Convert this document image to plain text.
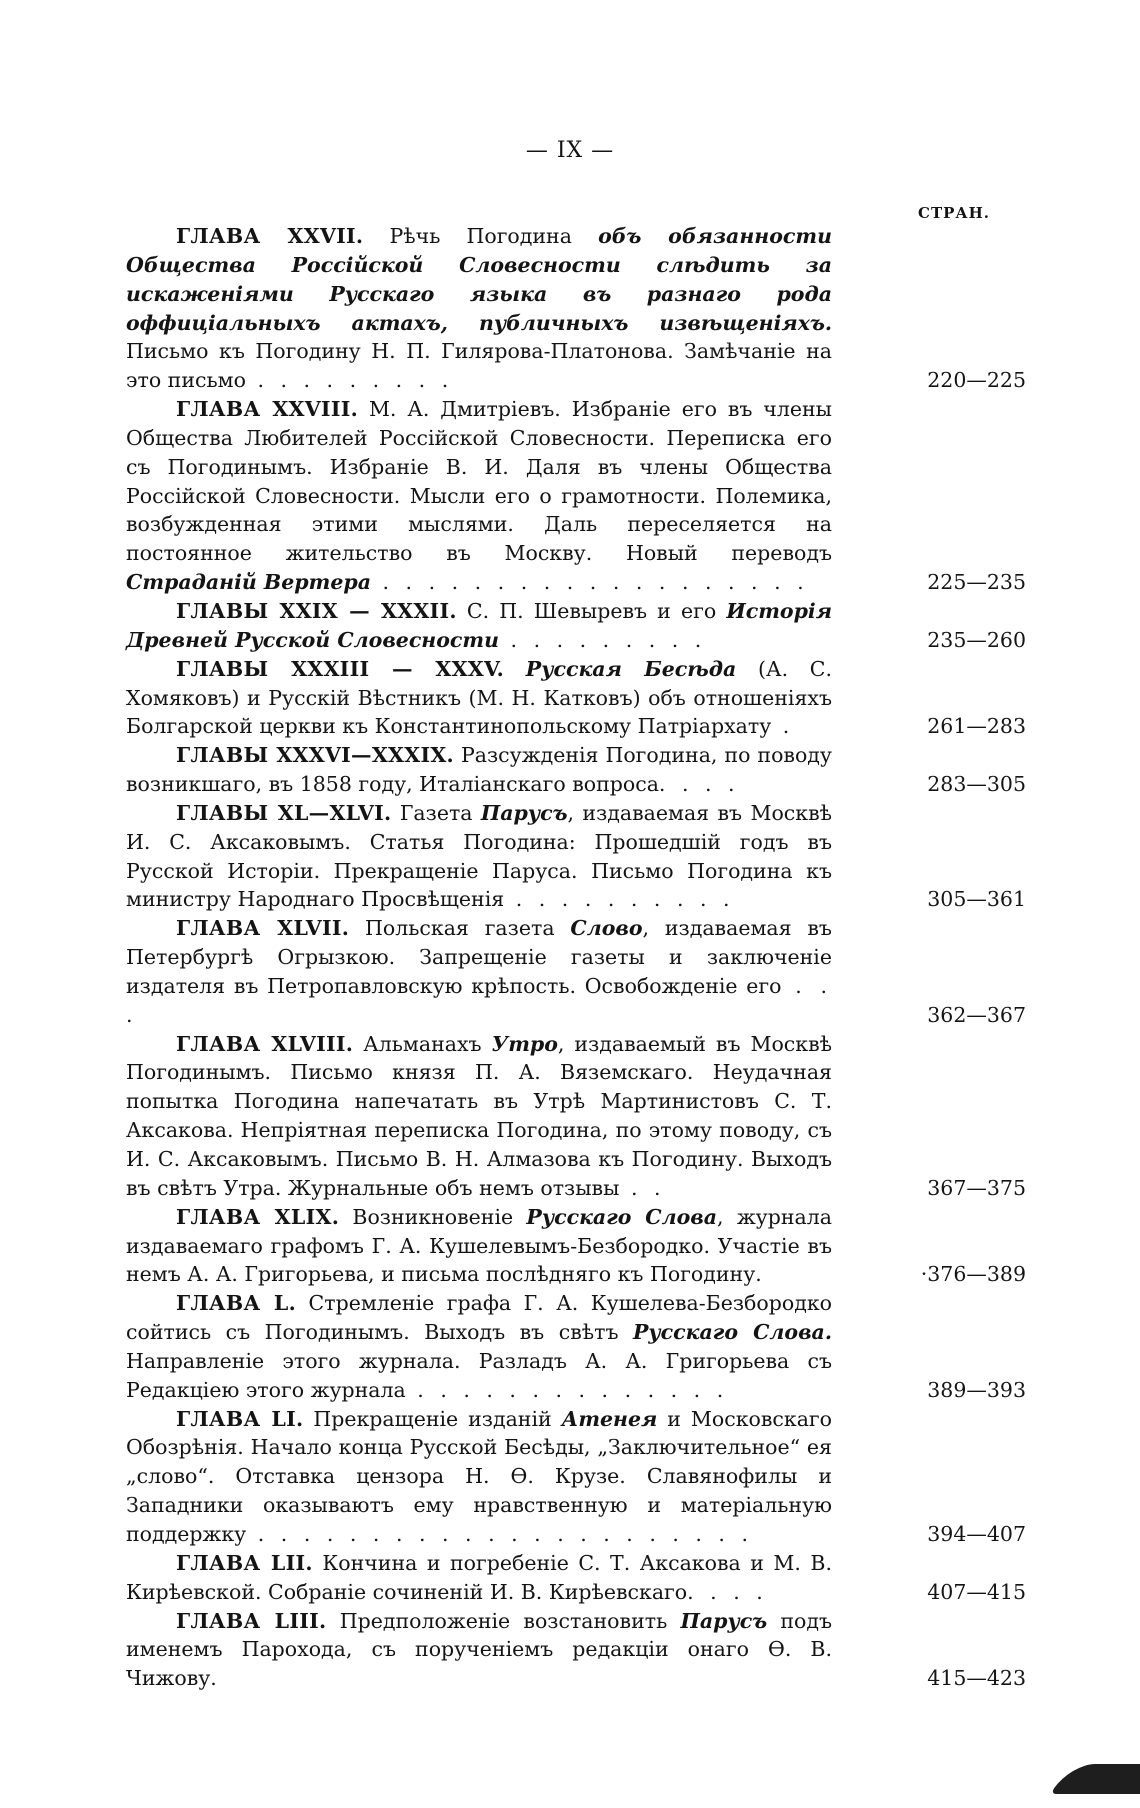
— IX —
СТРАН.
ГЛАВА XXVII. Рѣчь Погодина объ обязанности Общества Россійской Словесности слѣдить за искаженіями Русскаго языка въ разнаго рода оффиціальныхъ актахъ, публичныхъ извѣщеніяхъ. Письмо къ Погодину Н. П. Гилярова-Платонова. Замѣчаніе на это письмо . . . . . . . . .	220—225
ГЛАВА XXVIII. М. А. Дмитріевъ. Избраніе его въ члены Общества Любителей Россійской Словесности. Переписка его съ Погодинымъ. Избраніе В. И. Даля въ члены Общества Россійской Словесности. Мысли его о грамотности. Полемика, возбужденная этими мыслями. Даль переселяется на постоянное жительство въ Москву. Новый переводъ Страданій Вертера . . . . . . . . . . . . . . . . . . .	225—235
ГЛАВЫ XXIX — XXXII. С. П. Шевыревъ и его Исторія Древней Русской Словесности . . . . . . . . .	235—260
ГЛАВЫ XXXIII — XXXV. Русская Бесѣда (А. С. Хомяковъ) и Русскій Вѣстникъ (М. Н. Катковъ) объ отношеніяхъ Болгарской церкви къ Константинопольскому Патріархату .	261—283
ГЛАВЫ XXXVI—XXXIX. Разсужденія Погодина, по поводу возникшаго, въ 1858 году, Италіанскаго вопроса. . . .	283—305
ГЛАВЫ XL—XLVI. Газета Парусъ, издаваемая въ Москвѣ И. С. Аксаковымъ. Статья Погодина: Прошедшій годъ въ Русской Исторіи. Прекращеніе Паруса. Письмо Погодина къ министру Народнаго Просвѣщенія . . . . . . . . . .	305—361
ГЛАВА XLVII. Польская газета Слово, издаваемая въ Петербургѣ Огрызкою. Запрещеніе газеты и заключеніе издателя въ Петропавловскую крѣпость. Освобожденіе его . . .	362—367
ГЛАВА XLVIII. Альманахъ Утро, издаваемый въ Москвѣ Погодинымъ. Письмо князя П. А. Вяземскаго. Неудачная попытка Погодина напечатать въ Утрѣ Мартинистовъ С. Т. Аксакова. Непріятная переписка Погодина, по этому поводу, съ И. С. Аксаковымъ. Письмо В. Н. Алмазова къ Погодину. Выходъ въ свѣтъ Утра. Журнальные объ немъ отзывы . .	367—375
ГЛАВА XLIX. Возникновеніе Русскаго Слова, журнала издаваемаго графомъ Г. А. Кушелевымъ-Безбородко. Участіе въ немъ А. А. Григорьева, и письма послѣдняго къ Погодину.	·376—389
ГЛАВА L. Стремленіе графа Г. А. Кушелева-Безбородко сойтись съ Погодинымъ. Выходъ въ свѣтъ Русскаго Слова. Направленіе этого журнала. Разладъ А. А. Григорьева съ Редакціею этого журнала . . . . . . . . . . . . . .	389—393
ГЛАВА LI. Прекращеніе изданій Атенея и Московскаго Обозрѣнія. Начало конца Русской Бесѣды, „Заключительное“ ея „слово“. Отставка цензора Н. Ѳ. Крузе. Славянофилы и Западники оказываютъ ему нравственную и матеріальную поддержку . . . . . . . . . . . . . . . . . . . . . .	394—407
ГЛАВА LII. Кончина и погребеніе С. Т. Аксакова и М. В. Кирѣевской. Собраніе сочиненій И. В. Кирѣевскаго. . . .	407—415
ГЛАВА LIII. Предположеніе возстановить Парусъ подъ именемъ Парохода, съ порученіемъ редакціи онаго Ѳ. В. Чижову.	415—423
